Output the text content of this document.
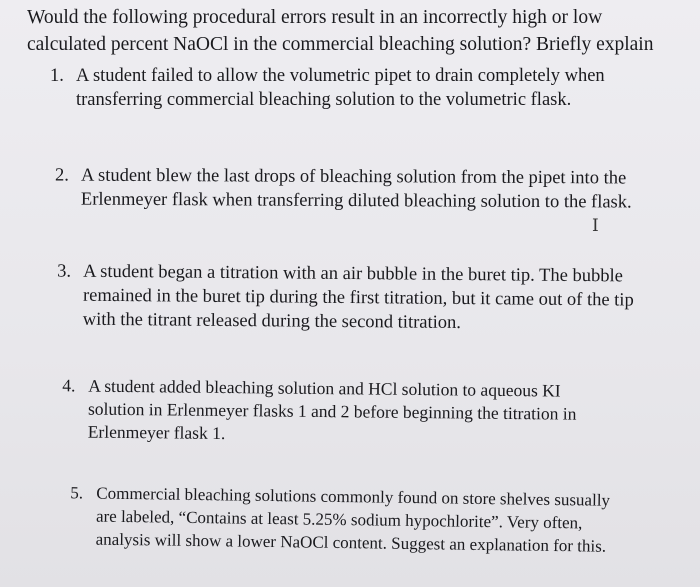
Would the following procedural errors result in an incorrectly high or low
calculated percent NaOCl in the commercial bleaching solution? Briefly explain

1. A student failed to allow the volumetric pipet to drain completely when
transferring commercial bleaching solution to the volumetric flask.
2. A student blew the last drops of bleaching solution from the pipet into the
Erlenmeyer flask when transferring diluted bleaching solution to the flask.
I
3. A student began a titration with an air bubble in the buret tip. The bubble
remained in the buret tip during the first titration, but it came out of the tip
with the titrant released during the second titration.
4. A student added bleaching solution and HCl solution to aqueous KI
solution in Erlenmeyer flasks 1 and 2 before beginning the titration in
Erlenmeyer flask 1.
5. Commercial bleaching solutions commonly found on store shelves susually
are labeled, “Contains at least 5.25% sodium hypochlorite”. Very often,
analysis will show a lower NaOCl content. Suggest an explanation for this.
